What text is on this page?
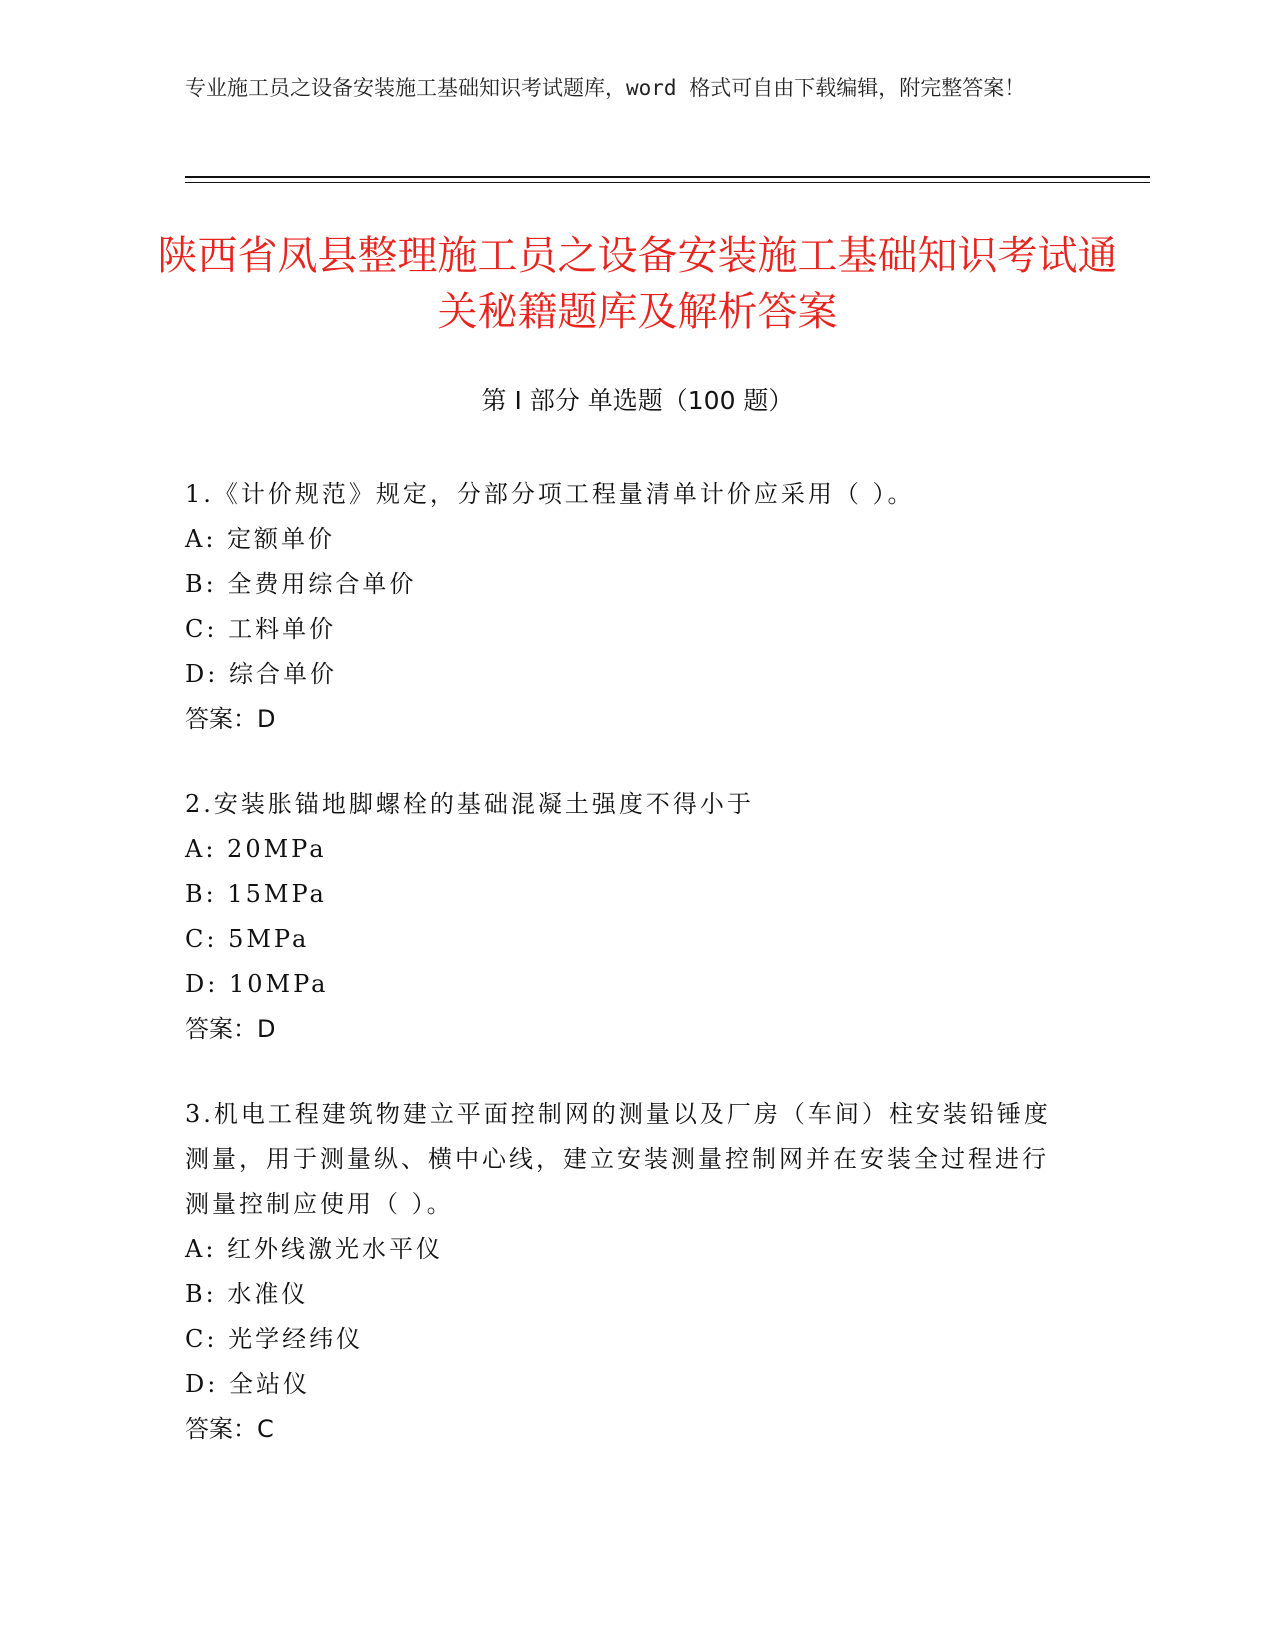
专业施工员之设备安装施工基础知识考试题库，word 格式可自由下载编辑，附完整答案！
陕西省凤县整理施工员之设备安装施工基础知识考试通关秘籍题库及解析答案
第 I 部分 单选题（100 题）
1.《计价规范》规定，分部分项工程量清单计价应采用（ ）。
A: 定额单价
B: 全费用综合单价
C: 工料单价
D: 综合单价
答案：D
2.安装胀锚地脚螺栓的基础混凝土强度不得小于
A: 20MPa
B: 15MPa
C: 5MPa
D: 10MPa
答案：D
3.机电工程建筑物建立平面控制网的测量以及厂房（车间）柱安装铅锤度测量，用于测量纵、横中心线，建立安装测量控制网并在安装全过程进行测量控制应使用（ ）。
A: 红外线激光水平仪
B: 水准仪
C: 光学经纬仪
D: 全站仪
答案：C
